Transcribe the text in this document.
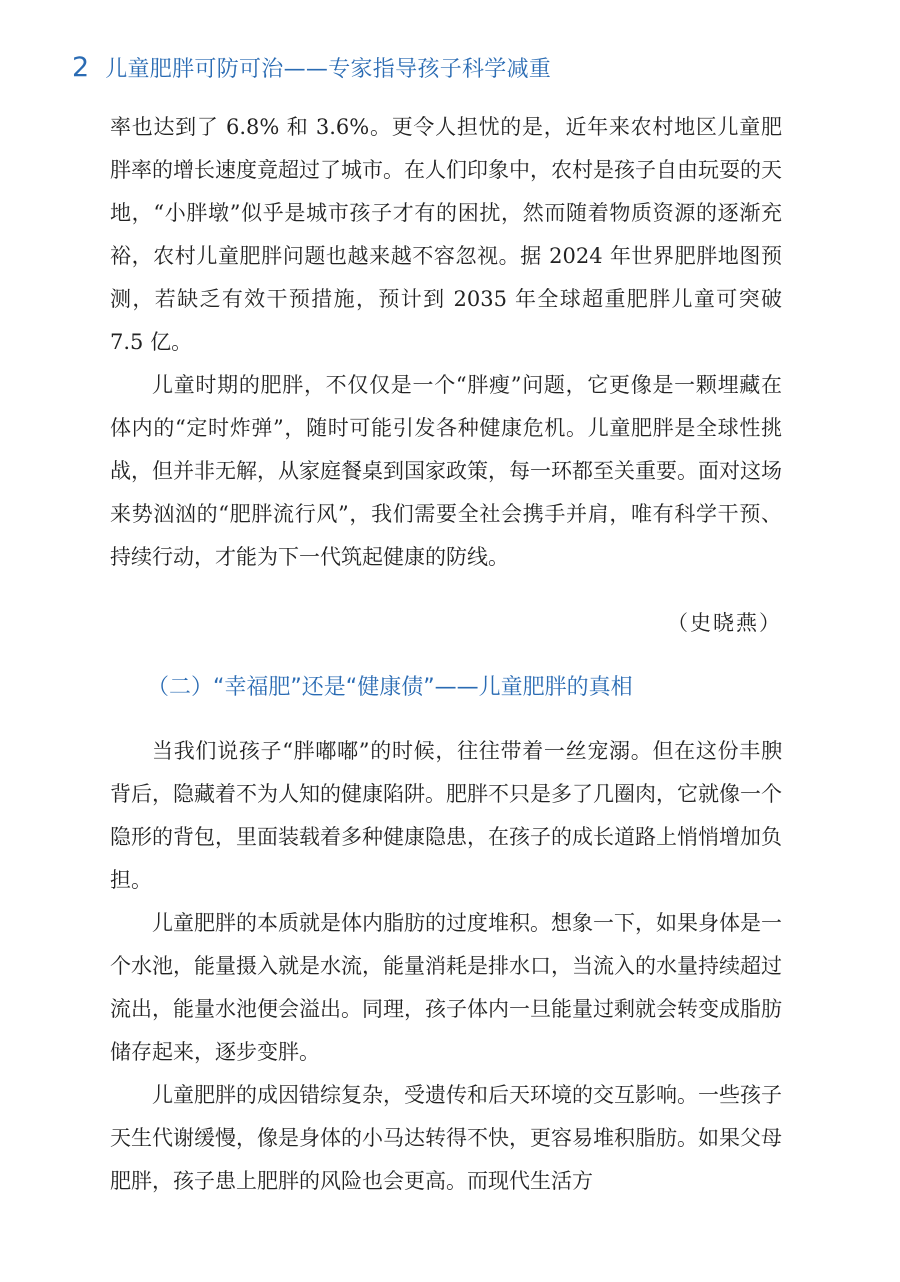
2 儿童肥胖可防可治——专家指导孩子科学减重

率也达到了 6.8% 和 3.6%。更令人担忧的是，近年来农村地区儿童肥胖率的增长速度竟超过了城市。在人们印象中，农村是孩子自由玩耍的天地，“小胖墩”似乎是城市孩子才有的困扰，然而随着物质资源的逐渐充裕，农村儿童肥胖问题也越来越不容忽视。据 2024 年世界肥胖地图预测，若缺乏有效干预措施，预计到 2035 年全球超重肥胖儿童可突破 7.5 亿。

儿童时期的肥胖，不仅仅是一个“胖瘦”问题，它更像是一颗埋藏在体内的“定时炸弹”，随时可能引发各种健康危机。儿童肥胖是全球性挑战，但并非无解，从家庭餐桌到国家政策，每一环都至关重要。面对这场来势汹汹的“肥胖流行风”，我们需要全社会携手并肩，唯有科学干预、持续行动，才能为下一代筑起健康的防线。

（史晓燕）
（二）“幸福肥”还是“健康债”——儿童肥胖的真相

当我们说孩子“胖嘟嘟”的时候，往往带着一丝宠溺。但在这份丰腴背后，隐藏着不为人知的健康陷阱。肥胖不只是多了几圈肉，它就像一个隐形的背包，里面装载着多种健康隐患，在孩子的成长道路上悄悄增加负担。

儿童肥胖的本质就是体内脂肪的过度堆积。想象一下，如果身体是一个水池，能量摄入就是水流，能量消耗是排水口，当流入的水量持续超过流出，能量水池便会溢出。同理，孩子体内一旦能量过剩就会转变成脂肪储存起来，逐步变胖。

儿童肥胖的成因错综复杂，受遗传和后天环境的交互影响。一些孩子天生代谢缓慢，像是身体的小马达转得不快，更容易堆积脂肪。如果父母肥胖，孩子患上肥胖的风险也会更高。而现代生活方
